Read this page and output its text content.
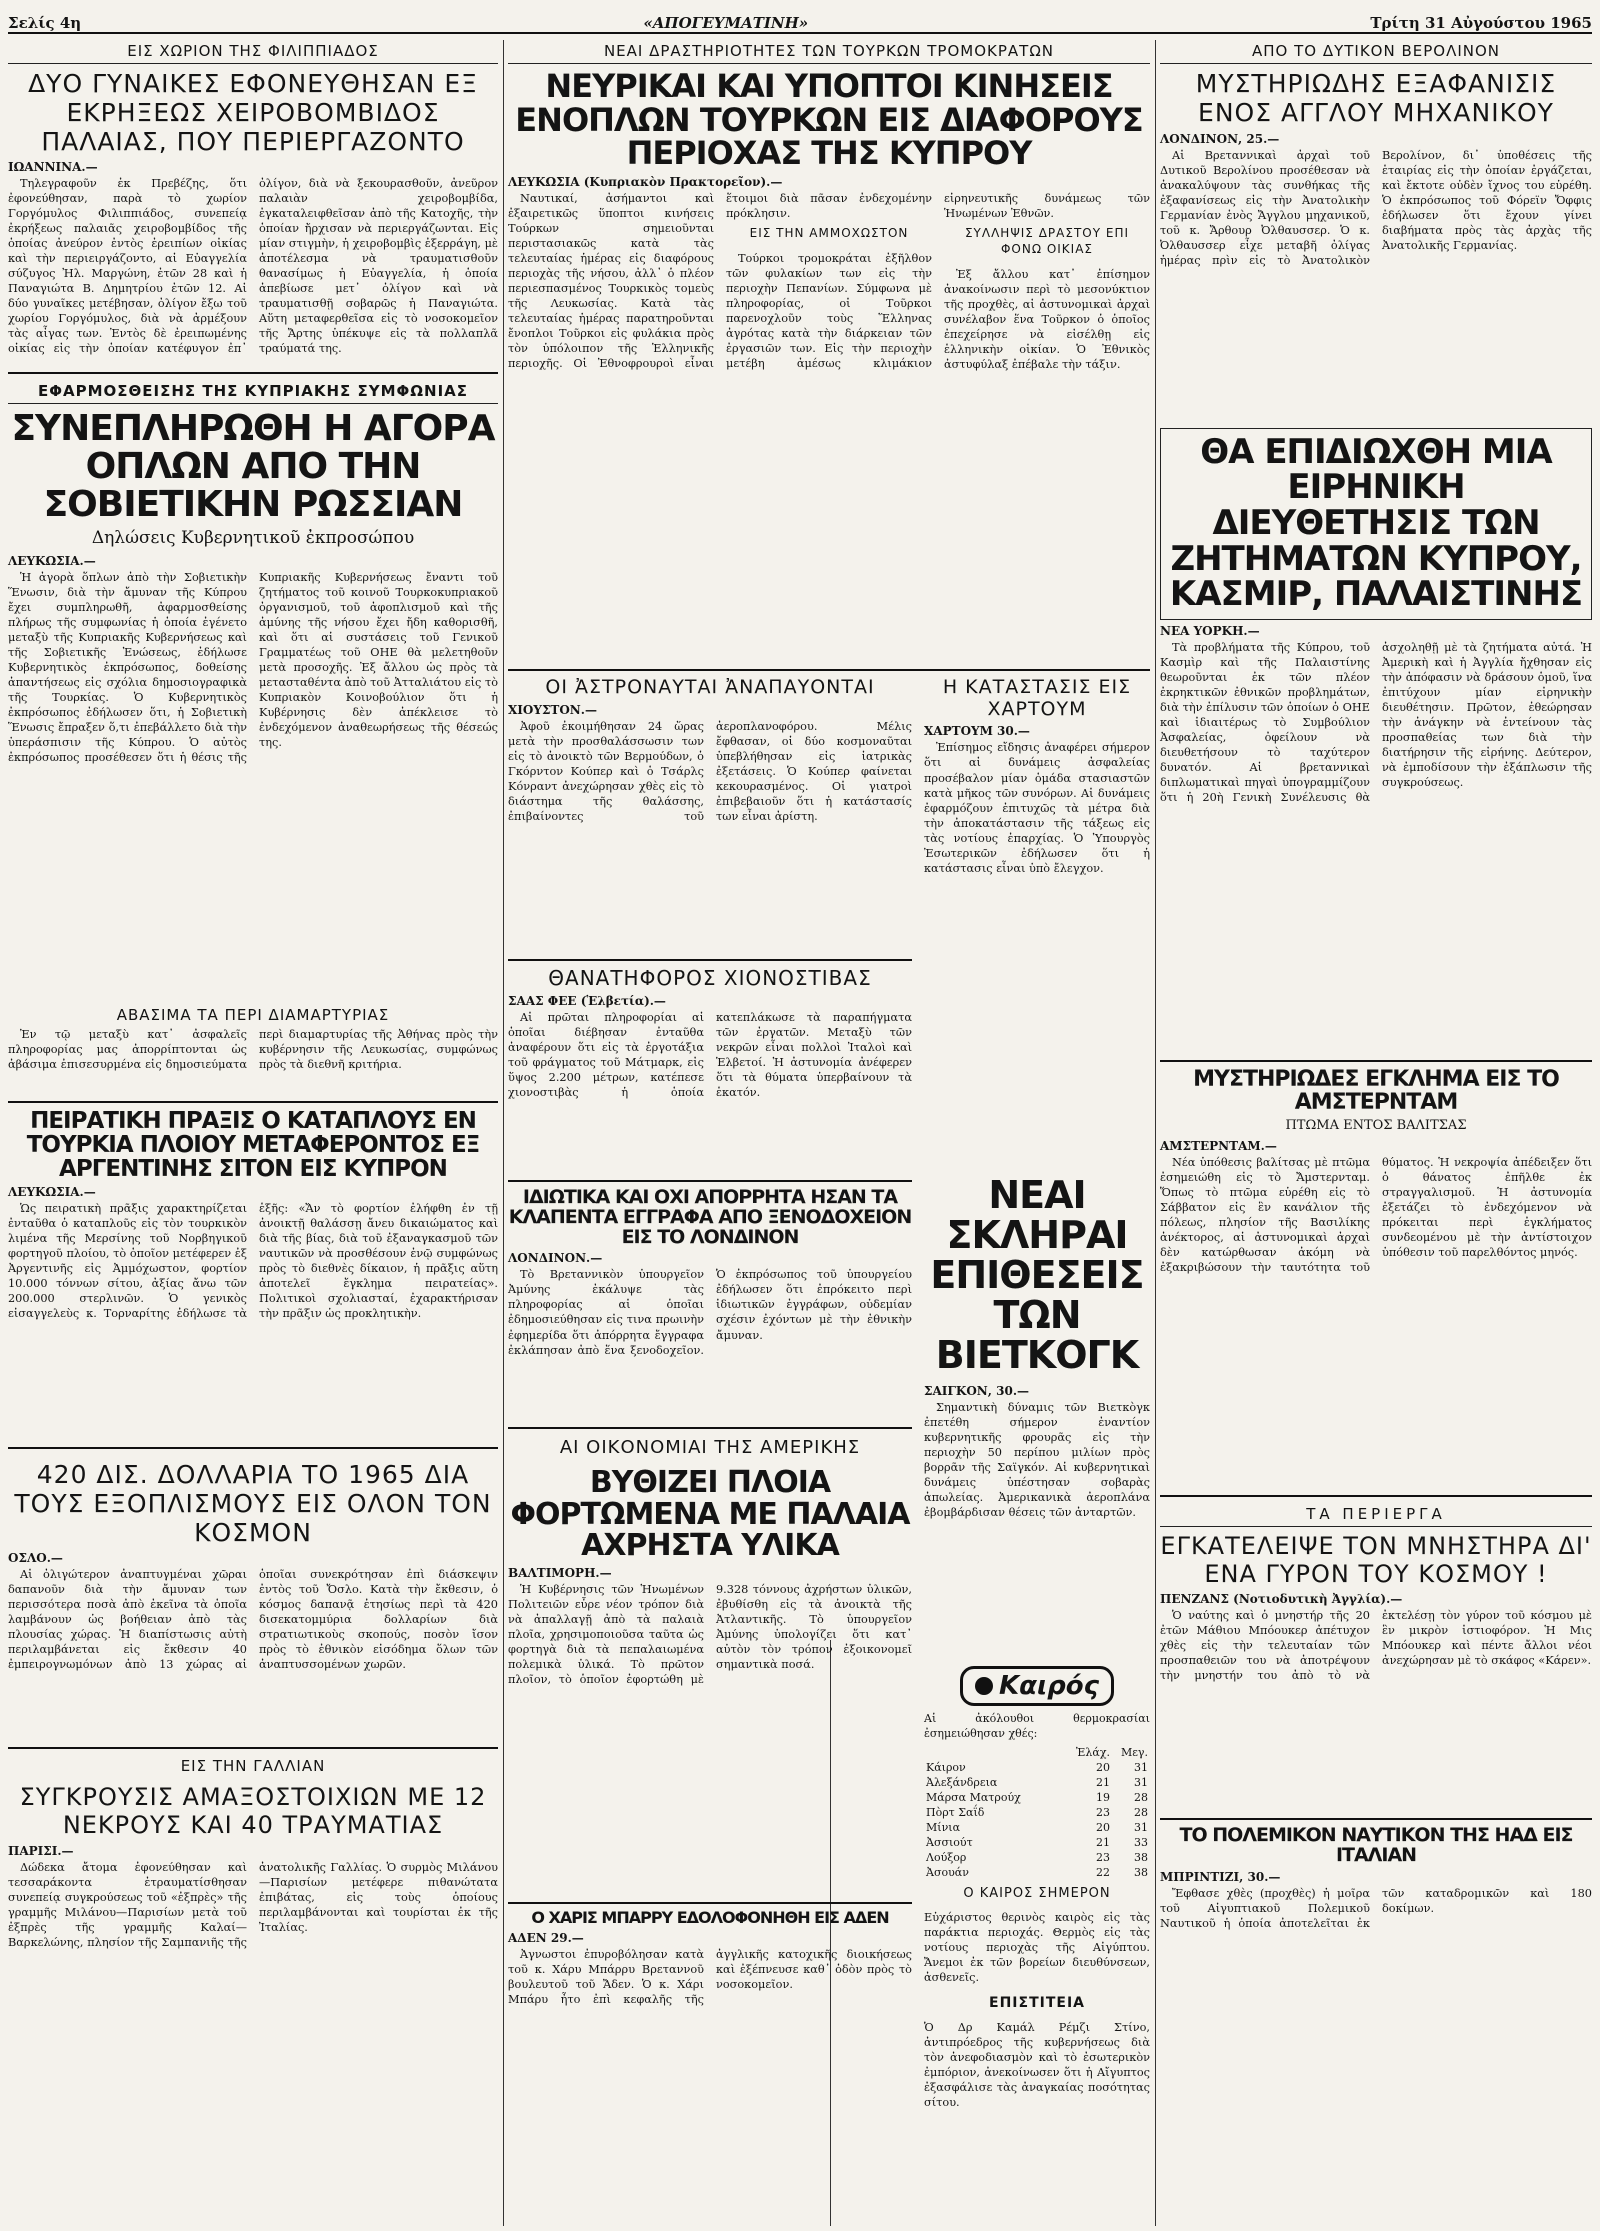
Σελίς 4η	«ΑΠΟΓΕΥΜΑΤΙΝΗ»	Τρίτη 31 Αὐγούστου 1965
ΕΙΣ ΧΩΡΙΟΝ ΤΗΣ ΦΙΛΙΠΠΙΑΔΟΣ
ΔΥΟ ΓΥΝΑΙΚΕΣ ΕΦΟΝΕΥΘΗΣΑΝ ΕΞ ΕΚΡΗΞΕΩΣ ΧΕΙΡΟΒΟΜΒΙΔΟΣ ΠΑΛΑΙΑΣ, ΠΟΥ ΠΕΡΙΕΡΓΑΖΟΝΤΟ
ΙΩΑΝΝΙΝΑ.—

Τηλεγραφοῦν ἐκ Πρεβέζης, ὅτι ἐφονεύθησαν, παρὰ τὸ χωρίον Γοργόμυλος Φιλιππιάδος, συνεπείᾳ ἐκρήξεως παλαιᾶς χειροβομβίδος τῆς ὁποίας ἀνεύρον ἐντὸς ἐρειπίων οἰκίας καὶ τὴν περιειργάζοντο, αἱ Εὐαγγελία σύζυγος Ἠλ. Μαργώνη, ἐτῶν 28 καὶ ἡ Παναγιώτα Β. Δημητρίου ἐτῶν 12. Αἱ δύο γυναῖκες μετέβησαν, ὀλίγον ἔξω τοῦ χωρίου Γοργόμυλος, διὰ νὰ ἀρμέξουν τὰς αἶγας των. Ἐντὸς δὲ ἐρειπωμένης οἰκίας εἰς τὴν ὁποίαν κατέφυγον ἐπ᾽ ὀλίγον, διὰ νὰ ξεκουρασθοῦν, ἀνεῦρον παλαιὰν χειροβομβίδα, ἐγκαταλειφθεῖσαν ἀπὸ τῆς Κατοχῆς, τὴν ὁποίαν ἤρχισαν νὰ περιεργάζωνται. Εἰς μίαν στιγμὴν, ἡ χειροβομβὶς ἐξερράγη, μὲ ἀποτέλεσμα νὰ τραυματισθοῦν θανασίμως ἡ Εὐαγγελία, ἡ ὁποία ἀπεβίωσε μετ᾽ ὀλίγον καὶ νὰ τραυματισθῇ σοβαρῶς ἡ Παναγιώτα. Αὕτη μεταφερθεῖσα εἰς τὸ νοσοκομεῖον τῆς Ἄρτης ὑπέκυψε εἰς τὰ πολλαπλᾶ τραύματά της.

ΕΦΑΡΜΟΣΘΕΙΣΗΣ ΤΗΣ ΚΥΠΡΙΑΚΗΣ ΣΥΜΦΩΝΙΑΣ
ΣΥΝΕΠΛΗΡΩΘΗ Η ΑΓΟΡΑ ΟΠΛΩΝ ΑΠΟ ΤΗΝ ΣΟΒΙΕΤΙΚΗΝ ΡΩΣΣΙΑΝ
Δηλώσεις Κυβερνητικοῦ ἐκπροσώπου
ΛΕΥΚΩΣΙΑ.—

Ἡ ἀγορὰ ὅπλων ἀπὸ τὴν Σοβιετικὴν Ἕνωσιν, διὰ τὴν ἄμυναν τῆς Κύπρου ἔχει συμπληρωθῆ, ἀφαρμοσθείσης πλήρως τῆς συμφωνίας ἡ ὁποία ἐγένετο μεταξὺ τῆς Κυπριακῆς Κυβερνήσεως καὶ τῆς Σοβιετικῆς Ἑνώσεως, ἐδήλωσε Κυβερνητικὸς ἐκπρόσωπος, δοθείσης ἀπαντήσεως εἰς σχόλια δημοσιογραφικὰ τῆς Τουρκίας. Ὁ Κυβερνητικὸς ἐκπρόσωπος ἐδήλωσεν ὅτι, ἡ Σοβιετικὴ Ἕνωσις ἔπραξεν ὅ,τι ἐπεβάλλετο διὰ τὴν ὑπεράσπισιν τῆς Κύπρου. Ὁ αὐτὸς ἐκπρόσωπος προσέθεσεν ὅτι ἡ θέσις τῆς Κυπριακῆς Κυβερνήσεως ἔναντι τοῦ ζητήματος τοῦ κοινοῦ Τουρκοκυπριακοῦ ὀργανισμοῦ, τοῦ ἀφοπλισμοῦ καὶ τῆς ἀμύνης τῆς νήσου ἔχει ἤδη καθορισθῆ, καὶ ὅτι αἱ συστάσεις τοῦ Γενικοῦ Γραμματέως τοῦ ΟΗΕ θὰ μελετηθοῦν μετὰ προσοχῆς. Ἐξ ἄλλου ὡς πρὸς τὰ μετασταθέντα ἀπὸ τοῦ Ἀτταλιάτου εἰς τὸ Κυπριακὸν Κοινοβούλιον ὅτι ἡ Κυβέρνησις δὲν ἀπέκλεισε τὸ ἐνδεχόμενον ἀναθεωρήσεως τῆς θέσεώς της.

ΑΒΑΣΙΜΑ ΤΑ ΠΕΡΙ ΔΙΑΜΑΡΤΥΡΙΑΣ

Ἐν τῷ μεταξὺ κατ᾽ ἀσφαλεῖς πληροφορίας μας ἀπορρίπτονται ὡς ἀβάσιμα ἐπισεσυρμένα εἰς δημοσιεύματα περὶ διαμαρτυρίας τῆς Ἀθήνας πρὸς τὴν κυβέρνησιν τῆς Λευκωσίας, συμφώνως πρὸς τὰ διεθνῆ κριτήρια.

ΠΕΙΡΑΤΙΚΗ ΠΡΑΞΙΣ Ο ΚΑΤΑΠΛΟΥΣ ΕΝ ΤΟΥΡΚΙΑ ΠΛΟΙΟΥ ΜΕΤΑΦΕΡΟΝΤΟΣ ΕΞ ΑΡΓΕΝΤΙΝΗΣ ΣΙΤΟΝ ΕΙΣ ΚΥΠΡΟΝ
ΛΕΥΚΩΣΙΑ.—

Ὡς πειρατικὴ πρᾶξις χαρακτηρίζεται ἐνταῦθα ὁ καταπλοῦς εἰς τὸν τουρκικὸν λιμένα τῆς Μερσίνης τοῦ Νορβηγικοῦ φορτηγοῦ πλοίου, τὸ ὁποῖον μετέφερεν ἐξ Ἀργεντινῆς εἰς Ἀμμόχωστον, φορτίον 10.000 τόννων σίτου, ἀξίας ἄνω τῶν 200.000 στερλινῶν. Ὁ γενικὸς εἰσαγγελεὺς κ. Τορναρίτης ἐδήλωσε τὰ ἑξῆς: «Ἄν τὸ φορτίον ἐλήφθη ἐν τῇ ἀνοικτῇ θαλάσσῃ ἄνευ δικαιώματος καὶ διὰ τῆς βίας, διὰ τοῦ ἐξαναγκασμοῦ τῶν ναυτικῶν νὰ προσθέσουν ἐνῷ συμφώνως πρὸς τὸ διεθνὲς δίκαιον, ἡ πρᾶξις αὕτη ἀποτελεῖ ἔγκλημα πειρατείας». Πολιτικοὶ σχολιασταί, ἐχαρακτήρισαν τὴν πρᾶξιν ὡς προκλητικὴν.

420 ΔΙΣ. ΔΟΛΛΑΡΙΑ ΤΟ 1965 ΔΙΑ ΤΟΥΣ ΕΞΟΠΛΙΣΜΟΥΣ ΕΙΣ ΟΛΟΝ ΤΟΝ ΚΟΣΜΟΝ
ΟΣΛΟ.—

Αἱ ὀλιγώτερον ἀναπτυγμέναι χῶραι δαπανοῦν διὰ τὴν ἄμυναν των περισσότερα ποσὰ ἀπὸ ἐκεῖνα τὰ ὁποῖα λαμβάνουν ὡς βοήθειαν ἀπὸ τὰς πλουσίας χώρας. Ἡ διαπίστωσις αὐτὴ περιλαμβάνεται εἰς ἔκθεσιν 40 ἐμπειρογνωμόνων ἀπὸ 13 χώρας αἱ ὁποῖαι συνεκρότησαν ἐπὶ διάσκεψιν ἐντὸς τοῦ Ὄσλο. Κατὰ τὴν ἔκθεσιν, ὁ κόσμος δαπανᾷ ἐτησίως περὶ τὰ 420 δισεκατομμύρια δολλαρίων διὰ στρατιωτικοὺς σκοπούς, ποσὸν ἴσον πρὸς τὸ ἐθνικὸν εἰσόδημα ὅλων τῶν ἀναπτυσσομένων χωρῶν.

ΕΙΣ ΤΗΝ ΓΑΛΛΙΑΝ
ΣΥΓΚΡΟΥΣΙΣ ΑΜΑΞΟΣΤΟΙΧΙΩΝ ΜΕ 12 ΝΕΚΡΟΥΣ ΚΑΙ 40 ΤΡΑΥΜΑΤΙΑΣ
ΠΑΡΙΣΙ.—

Δώδεκα ἄτομα ἐφονεύθησαν καὶ τεσσαράκοντα ἐτραυματίσθησαν συνεπείᾳ συγκρούσεως τοῦ «ἐξπρὲς» τῆς γραμμῆς Μιλάνου—Παρισίων μετὰ τοῦ ἐξπρὲς τῆς γραμμῆς Καλαί—Βαρκελώνης, πλησίον τῆς Σαμπανιῆς τῆς ἀνατολικῆς Γαλλίας. Ὁ συρμὸς Μιλάνου—Παρισίων μετέφερε πιθανώτατα ἐπιβάτας, εἰς τοὺς ὁποίους περιλαμβάνονται καὶ τουρίσται ἐκ τῆς Ἰταλίας.

ΝΕΑΙ ΔΡΑΣΤΗΡΙΟΤΗΤΕΣ ΤΩΝ ΤΟΥΡΚΩΝ ΤΡΟΜΟΚΡΑΤΩΝ
ΝΕΥΡΙΚΑΙ ΚΑΙ ΥΠΟΠΤΟΙ ΚΙΝΗΣΕΙΣ ΕΝΟΠΛΩΝ ΤΟΥΡΚΩΝ ΕΙΣ ΔΙΑΦΟΡΟΥΣ ΠΕΡΙΟΧΑΣ ΤΗΣ ΚΥΠΡΟΥ
ΛΕΥΚΩΣΙΑ (Κυπριακὸν Πρακτορεῖον).—

Ναυτικαί, ἀσήμαντοι καὶ ἐξαιρετικῶς ὕποπτοι κινήσεις Τούρκων σημειοῦνται περιστασιακῶς κατὰ τὰς τελευταίας ἡμέρας εἰς διαφόρους περιοχὰς τῆς νήσου, ἀλλ᾽ ὁ πλέον περιεσπασμένος Τουρκικὸς τομεὺς τῆς Λευκωσίας. Κατὰ τὰς τελευταίας ἡμέρας παρατηροῦνται ἔνοπλοι Τοῦρκοι εἰς φυλάκια πρὸς τὸν ὑπόλοιπον τῆς Ἑλληνικῆς περιοχῆς. Οἱ Ἐθνοφρουροὶ εἶναι ἕτοιμοι διὰ πᾶσαν ἐνδεχομένην πρόκλησιν.

ΕΙΣ ΤΗΝ ΑΜΜΟΧΩΣΤΟΝ

Τούρκοι τρομοκράται ἐξῆλθον τῶν φυλακίων των εἰς τὴν περιοχὴν Πεπανίων. Σύμφωνα μὲ πληροφορίας, οἱ Τοῦρκοι παρενοχλοῦν τοὺς Ἕλληνας ἀγρότας κατὰ τὴν διάρκειαν τῶν ἐργασιῶν των. Εἰς τὴν περιοχὴν μετέβη ἀμέσως κλιμάκιον εἰρηνευτικῆς δυνάμεως τῶν Ἡνωμένων Ἐθνῶν.

ΣΥΛΛΗΨΙΣ ΔΡΑΣΤΟΥ ΕΠΙ ΦΟΝΩ ΟΙΚΙΑΣ

Ἐξ ἄλλου κατ᾽ ἐπίσημον ἀνακοίνωσιν περὶ τὸ μεσονύκτιον τῆς προχθὲς, αἱ ἀστυνομικαὶ ἀρχαὶ συνέλαβον ἕνα Τοῦρκον ὁ ὁποῖος ἐπεχείρησε νὰ εἰσέλθῃ εἰς ἑλληνικὴν οἰκίαν. Ὁ Ἐθνικὸς ἀστυφύλαξ ἐπέβαλε τὴν τάξιν.

ΟΙ ἈΣΤΡΟΝΑΥΤΑΙ ἈΝΑΠΑΥΟΝΤΑΙ
ΧΙΟΥΣΤΟΝ.—

Ἀφοῦ ἐκοιμήθησαν 24 ὥρας μετὰ τὴν προσθαλάσσωσιν των εἰς τὸ ἀνοικτὸ τῶν Βερμούδων, ὁ Γκόρντον Κούπερ καὶ ὁ Τσάρλς Κόνραντ ἀνεχώρησαν χθὲς εἰς τὸ διάστημα τῆς θαλάσσης, ἐπιβαίνοντες τοῦ ἀεροπλανοφόρου. Μέλις ἔφθασαν, οἱ δύο κοσμοναῦται ὑπεβλήθησαν εἰς ἰατρικὰς ἐξετάσεις. Ὁ Κούπερ φαίνεται κεκουρασμένος. Οἱ γιατροὶ ἐπιβεβαιοῦν ὅτι ἡ κατάστασίς των εἶναι ἀρίστη.

ΘΑΝΑΤΗΦΟΡΟΣ ΧΙΟΝΟΣΤΙΒΑΣ
ΣΑΑΣ ΦΕΕ (Ἑλβετία).—

Αἱ πρῶται πληροφορίαι αἱ ὁποῖαι διέβησαν ἐνταῦθα ἀναφέρουν ὅτι εἰς τὰ ἐργοτάξια τοῦ φράγματος τοῦ Μάτμαρκ, εἰς ὕψος 2.200 μέτρων, κατέπεσε χιονοστιβὰς ἡ ὁποία κατεπλάκωσε τὰ παραπήγματα τῶν ἐργατῶν. Μεταξὺ τῶν νεκρῶν εἶναι πολλοὶ Ἰταλοὶ καὶ Ἑλβετοί. Ἡ ἀστυνομία ἀνέφερεν ὅτι τὰ θύματα ὑπερβαίνουν τὰ ἑκατόν.

ΙΔΙΩΤΙΚΑ ΚΑΙ ΟΧΙ ΑΠΟΡΡΗΤΑ ΗΣΑΝ ΤΑ ΚΛΑΠΕΝΤΑ ΕΓΓΡΑΦΑ ΑΠΟ ΞΕΝΟΔΟΧΕΙΟΝ ΕΙΣ ΤΟ ΛΟΝΔΙΝΟΝ
ΛΟΝΔΙΝΟΝ.—

Τὸ Βρεταννικὸν ὑπουργεῖον Ἀμύνης ἐκάλυψε τὰς πληροφορίας αἱ ὁποῖαι ἐδημοσιεύθησαν εἰς τινα πρωινὴν ἐφημερίδα ὅτι ἀπόρρητα ἔγγραφα ἐκλάπησαν ἀπὸ ἕνα ξενοδοχεῖον. Ὁ ἐκπρόσωπος τοῦ ὑπουργείου ἐδήλωσεν ὅτι ἐπρόκειτο περὶ ἰδιωτικῶν ἐγγράφων, οὐδεμίαν σχέσιν ἐχόντων μὲ τὴν ἐθνικὴν ἄμυναν.

ΑΙ ΟΙΚΟΝΟΜΙΑΙ ΤΗΣ ΑΜΕΡΙΚΗΣ
ΒΥΘΙΖΕΙ ΠΛΟΙΑ ΦΟΡΤΩΜΕΝΑ ΜΕ ΠΑΛΑΙΑ ΑΧΡΗΣΤΑ ΥΛΙΚΑ
ΒΑΛΤΙΜΟΡΗ.—

Ἡ Κυβέρνησις τῶν Ἡνωμένων Πολιτειῶν εὗρε νέον τρόπον διὰ νὰ ἀπαλλαγῇ ἀπὸ τὰ παλαιὰ πλοῖα, χρησιμοποιοῦσα ταῦτα ὡς φορτηγὰ διὰ τὰ πεπαλαιωμένα πολεμικὰ ὑλικά. Τὸ πρῶτον πλοῖον, τὸ ὁποῖον ἐφορτώθη μὲ 9.328 τόννους ἀχρήστων ὑλικῶν, ἐβυθίσθη εἰς τὰ ἀνοικτὰ τῆς Ἀτλαντικῆς. Τὸ ὑπουργεῖον Ἀμύνης ὑπολογίζει ὅτι κατ᾽ αὐτὸν τὸν τρόπον ἐξοικονομεῖ σημαντικὰ ποσά.

Ο ΧΑΡΙΣ ΜΠΑΡΡΥ ΕΔΟΛΟΦΟΝΗΘΗ ΕΙΣ ΑΔΕΝ
ΑΔΕΝ 29.—

Ἀγνωστοι ἐπυροβόλησαν κατὰ τοῦ κ. Χάρυ Μπάρρυ Βρεταννοῦ βουλευτοῦ τοῦ Ἄδεν. Ὁ κ. Χάρι Μπάρυ ἦτο ἐπὶ κεφαλῆς τῆς ἀγγλικῆς κατοχικῆς διοικήσεως καὶ ἐξέπνευσε καθ᾽ ὁδὸν πρὸς τὸ νοσοκομεῖον.

Η ΚΑΤΑΣΤΑΣΙΣ ΕΙΣ ΧΑΡΤΟΥΜ
ΧΑΡΤΟΥΜ 30.—

Ἐπίσημος εἴδησις ἀναφέρει σήμερον ὅτι αἱ δυνάμεις ἀσφαλείας προσέβαλον μίαν ὁμάδα στασιαστῶν κατὰ μῆκος τῶν συνόρων. Αἱ δυνάμεις ἐφαρμόζουν ἐπιτυχῶς τὰ μέτρα διὰ τὴν ἀποκατάστασιν τῆς τάξεως εἰς τὰς νοτίους ἐπαρχίας. Ὁ Ὑπουργὸς Ἐσωτερικῶν ἐδήλωσεν ὅτι ἡ κατάστασις εἶναι ὑπὸ ἔλεγχον.

ΝΕΑΙ ΣΚΛΗΡΑΙ ΕΠΙΘΕΣΕΙΣ ΤΩΝ ΒΙΕΤΚΟΓΚ
ΣΑΙΓΚΟΝ, 30.—

Σημαντικὴ δύναμις τῶν Βιετκὸγκ ἐπετέθη σήμερον ἐναντίον κυβερνητικῆς φρουρᾶς εἰς τὴν περιοχὴν 50 περίπου μιλίων πρὸς βορρᾶν τῆς Σαϊγκόν. Αἱ κυβερνητικαὶ δυνάμεις ὑπέστησαν σοβαρὰς ἀπωλείας. Ἀμερικανικὰ ἀεροπλάνα ἐβομβάρδισαν θέσεις τῶν ἀνταρτῶν.

Καιρός
Αἱ ἀκόλουθοι θερμοκρασίαι ἐσημειώθησαν χθές:
	Ἐλάχ.	Μεγ.
Κάιρον	20	31
Ἀλεξάνδρεια	21	31
Μάρσα Ματρούχ	19	28
Πὸρτ Σαΐδ	23	28
Μίνια	20	31
Ἀσσιούτ	21	33
Λούξορ	23	38
Ἀσουάν	22	38
Ο ΚΑΙΡΟΣ ΣΗΜΕΡΟΝ
Εὐχάριστος θερινὸς καιρὸς εἰς τὰς παράκτια περιοχάς. Θερμὸς εἰς τὰς νοτίους περιοχὰς τῆς Αἰγύπτου. Ἄνεμοι ἐκ τῶν βορείων διευθύνσεων, ἀσθενεῖς.
ΕΠΙΣΤΙΤΕΙΑ
Ὁ Δρ Καμάλ Ρέμζι Στίνο, ἀντιπρόεδρος τῆς κυβερνήσεως διὰ τὸν ἀνεφοδιασμὸν καὶ τὸ ἐσωτερικὸν ἐμπόριον, ἀνεκοίνωσεν ὅτι ἡ Αἴγυπτος ἐξασφάλισε τὰς ἀναγκαίας ποσότητας σίτου.
ΑΠΟ ΤΟ ΔΥΤΙΚΟΝ ΒΕΡΟΛΙΝΟΝ
ΜΥΣΤΗΡΙΩΔΗΣ ΕΞΑΦΑΝΙΣΙΣ ΕΝΟΣ ΑΓΓΛΟΥ ΜΗΧΑΝΙΚΟΥ
ΛΟΝΔΙΝΟΝ, 25.—

Αἱ Βρεταννικαὶ ἀρχαὶ τοῦ Δυτικοῦ Βερολίνου προσέθεσαν νὰ ἀνακαλύψουν τὰς συνθήκας τῆς ἐξαφανίσεως εἰς τὴν Ἀνατολικὴν Γερμανίαν ἑνὸς Ἄγγλου μηχανικοῦ, τοῦ κ. Ἄρθουρ Ὀλθαυσσερ. Ὁ κ. Ὀλθαυσσερ εἶχε μεταβῆ ὀλίγας ἡμέρας πρὶν εἰς τὸ Ἀνατολικὸν Βερολίνον, δι᾽ ὑποθέσεις τῆς ἑταιρίας εἰς τὴν ὁποίαν ἐργάζεται, καὶ ἔκτοτε οὐδὲν ἴχνος του εὑρέθη. Ὁ ἐκπρόσωπος τοῦ Φόρεϊν Ὄφφις ἐδήλωσεν ὅτι ἔχουν γίνει διαβήματα πρὸς τὰς ἀρχὰς τῆς Ἀνατολικῆς Γερμανίας.

ΘΑ ΕΠΙΔΙΩΧΘΗ ΜΙΑ ΕΙΡΗΝΙΚΗ ΔΙΕΥΘΕΤΗΣΙΣ ΤΩΝ ΖΗΤΗΜΑΤΩΝ ΚΥΠΡΟΥ, ΚΑΣΜΙΡ, ΠΑΛΑΙΣΤΙΝΗΣ
ΝΕΑ ΥΟΡΚΗ.—

Τὰ προβλήματα τῆς Κύπρου, τοῦ Κασμὶρ καὶ τῆς Παλαιστίνης θεωροῦνται ἐκ τῶν πλέον ἐκρηκτικῶν ἐθνικῶν προβλημάτων, διὰ τὴν ἐπίλυσιν τῶν ὁποίων ὁ ΟΗΕ καὶ ἰδιαιτέρως τὸ Συμβούλιον Ἀσφαλείας, ὀφείλουν νὰ διευθετήσουν τὸ ταχύτερον δυνατόν. Αἱ βρεταννικαὶ διπλωματικαὶ πηγαὶ ὑπογραμμίζουν ὅτι ἡ 20ὴ Γενικὴ Συνέλευσις θὰ ἀσχοληθῇ μὲ τὰ ζητήματα αὐτά. Ἡ Ἀμερικὴ καὶ ἡ Ἀγγλία ἤχθησαν εἰς τὴν ἀπόφασιν νὰ δράσουν ὁμοῦ, ἵνα ἐπιτύχουν μίαν εἰρηνικὴν διευθέτησιν. Πρῶτον, ἐθεώρησαν τὴν ἀνάγκην νὰ ἐντείνουν τὰς προσπαθείας των διὰ τὴν διατήρησιν τῆς εἰρήνης. Δεύτερον, νὰ ἐμποδίσουν τὴν ἐξάπλωσιν τῆς συγκρούσεως.

ΜΥΣΤΗΡΙΩΔΕΣ ΕΓΚΛΗΜΑ ΕΙΣ ΤΟ ΑΜΣΤΕΡΝΤΑΜ
ΠΤΩΜΑ ΕΝΤΟΣ ΒΑΛΙΤΣΑΣ
ΑΜΣΤΕΡΝΤΑΜ.—

Νέα ὑπόθεσις βαλίτσας μὲ πτῶμα ἐσημειώθη εἰς τὸ Ἄμστερνταμ. Ὅπως τὸ πτῶμα εὑρέθη εἰς τὸ Σάββατον εἰς ἓν κανάλιον τῆς πόλεως, πλησίον τῆς Βασιλίκης ἀνέκτορος, αἱ ἀστυνομικαὶ ἀρχαὶ δὲν κατώρθωσαν ἀκόμη νὰ ἐξακριβώσουν τὴν ταυτότητα τοῦ θύματος. Ἡ νεκροψία ἀπέδειξεν ὅτι ὁ θάνατος ἐπῆλθε ἐκ στραγγαλισμοῦ. Ἡ ἀστυνομία ἐξετάζει τὸ ἐνδεχόμενον νὰ πρόκειται περὶ ἐγκλήματος συνδεομένου μὲ τὴν ἀντίστοιχον ὑπόθεσιν τοῦ παρελθόντος μηνός.

ΤΑ ΠΕΡΙΕΡΓΑ
ΕΓΚΑΤΕΛΕΙΨΕ ΤΟΝ ΜΝΗΣΤΗΡΑ ΔΙ' ΕΝΑ ΓΥΡΟΝ ΤΟΥ ΚΟΣΜΟΥ !
ΠΕΝΖΑΝΣ (Νοτιοδυτικὴ Ἀγγλία).—

Ὁ ναύτης καὶ ὁ μνηστήρ τῆς 20 ἐτῶν Μάθιου Μπόουκερ ἀπέτυχον χθὲς εἰς τὴν τελευταίαν τῶν προσπαθειῶν του νὰ ἀποτρέψουν τὴν μνηστήν του ἀπὸ τὸ νὰ ἐκτελέσῃ τὸν γύρον τοῦ κόσμου μὲ ἓν μικρὸν ἱστιοφόρον. Ἡ Μις Μπόουκερ καὶ πέντε ἄλλοι νέοι ἀνεχώρησαν μὲ τὸ σκάφος «Κάρεν».

ΤΟ ΠΟΛΕΜΙΚΟΝ ΝΑΥΤΙΚΟΝ ΤΗΣ ΗΑΔ ΕΙΣ ΙΤΑΛΙΑΝ
ΜΠΡΙΝΤΙΖΙ, 30.—

Ἔφθασε χθὲς (προχθὲς) ἡ μοῖρα τοῦ Αἰγυπτιακοῦ Πολεμικοῦ Ναυτικοῦ ἡ ὁποία ἀποτελεῖται ἐκ τῶν καταδρομικῶν καὶ 180 δοκίμων.
